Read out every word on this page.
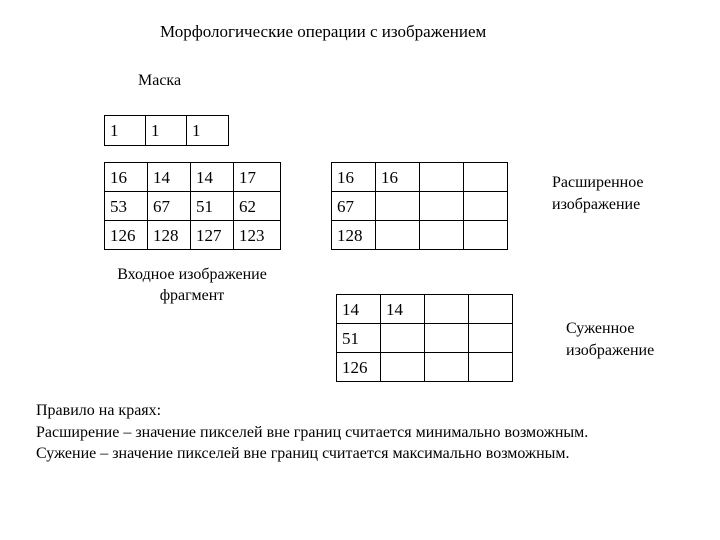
Морфологические операции с изображением
Маска
1	1	1
16	14	14	17
53	67	51	62
126	128	127	123
Входное изображение
фрагмент
16	16		
67			
128			
Расширенное
изображение
14	14		
51			
126			
Суженное
изображение
Правило на краях:
Расширение – значение пикселей вне границ считается минимально возможным.
Сужение – значение пикселей вне границ считается максимально возможным.
